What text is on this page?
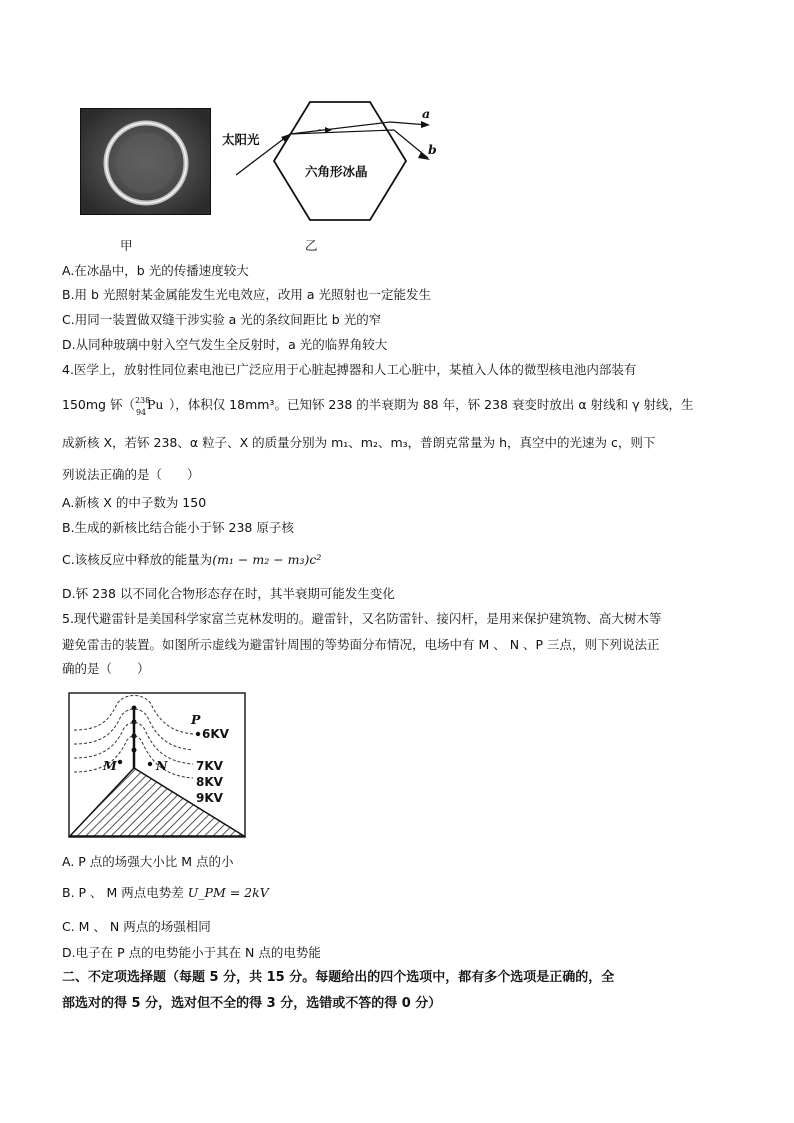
甲
太阳光
六角形冰晶
a
b
乙
A.在冰晶中，b 光的传播速度较大
B.用 b 光照射某金属能发生光电效应，改用 a 光照射也一定能发生
C.用同一装置做双缝干涉实验 a 光的条纹间距比 b 光的窄
D.从同种玻璃中射入空气发生全反射时，a 光的临界角较大
4.医学上，放射性同位素电池已广泛应用于心脏起搏器和人工心脏中，某植入人体的微型核电池内部装有
150mg 钚（ 238
94
Pu ），体积仅 18mm³。已知钚 238 的半衰期为 88 年，钚 238 衰变时放出 α 射线和 γ 射线，生
成新核 X，若钚 238、α 粒子、X 的质量分别为 m₁、m₂、m₃，普朗克常量为 h，真空中的光速为 c，则下
列说法正确的是（　　）
A.新核 X 的中子数为 150
B.生成的新核比结合能小于钚 238 原子核
C.该核反应中释放的能量为(m₁ − m₂ − m₃)c²
D.钚 238 以不同化合物形态存在时，其半衰期可能发生变化
5.现代避雷针是美国科学家富兰克林发明的。避雷针，又名防雷针、接闪杆，是用来保护建筑物、高大树木等
避免雷击的装置。如图所示虚线为避雷针周围的等势面分布情况，电场中有 M 、 N 、P 三点，则下列说法正
确的是（　　）
P
6KV
M	N 7KV
8KV
9KV
A. P 点的场强大小比 M 点的小
B. P 、 M 两点电势差 U_PM = 2kV
C. M 、 N 两点的场强相同
D.电子在 P 点的电势能小于其在 N 点的电势能
二、不定项选择题（每题 5 分，共 15 分。每题给出的四个选项中，都有多个选项是正确的，全
部选对的得 5 分，选对但不全的得 3 分，选错或不答的得 0 分）
